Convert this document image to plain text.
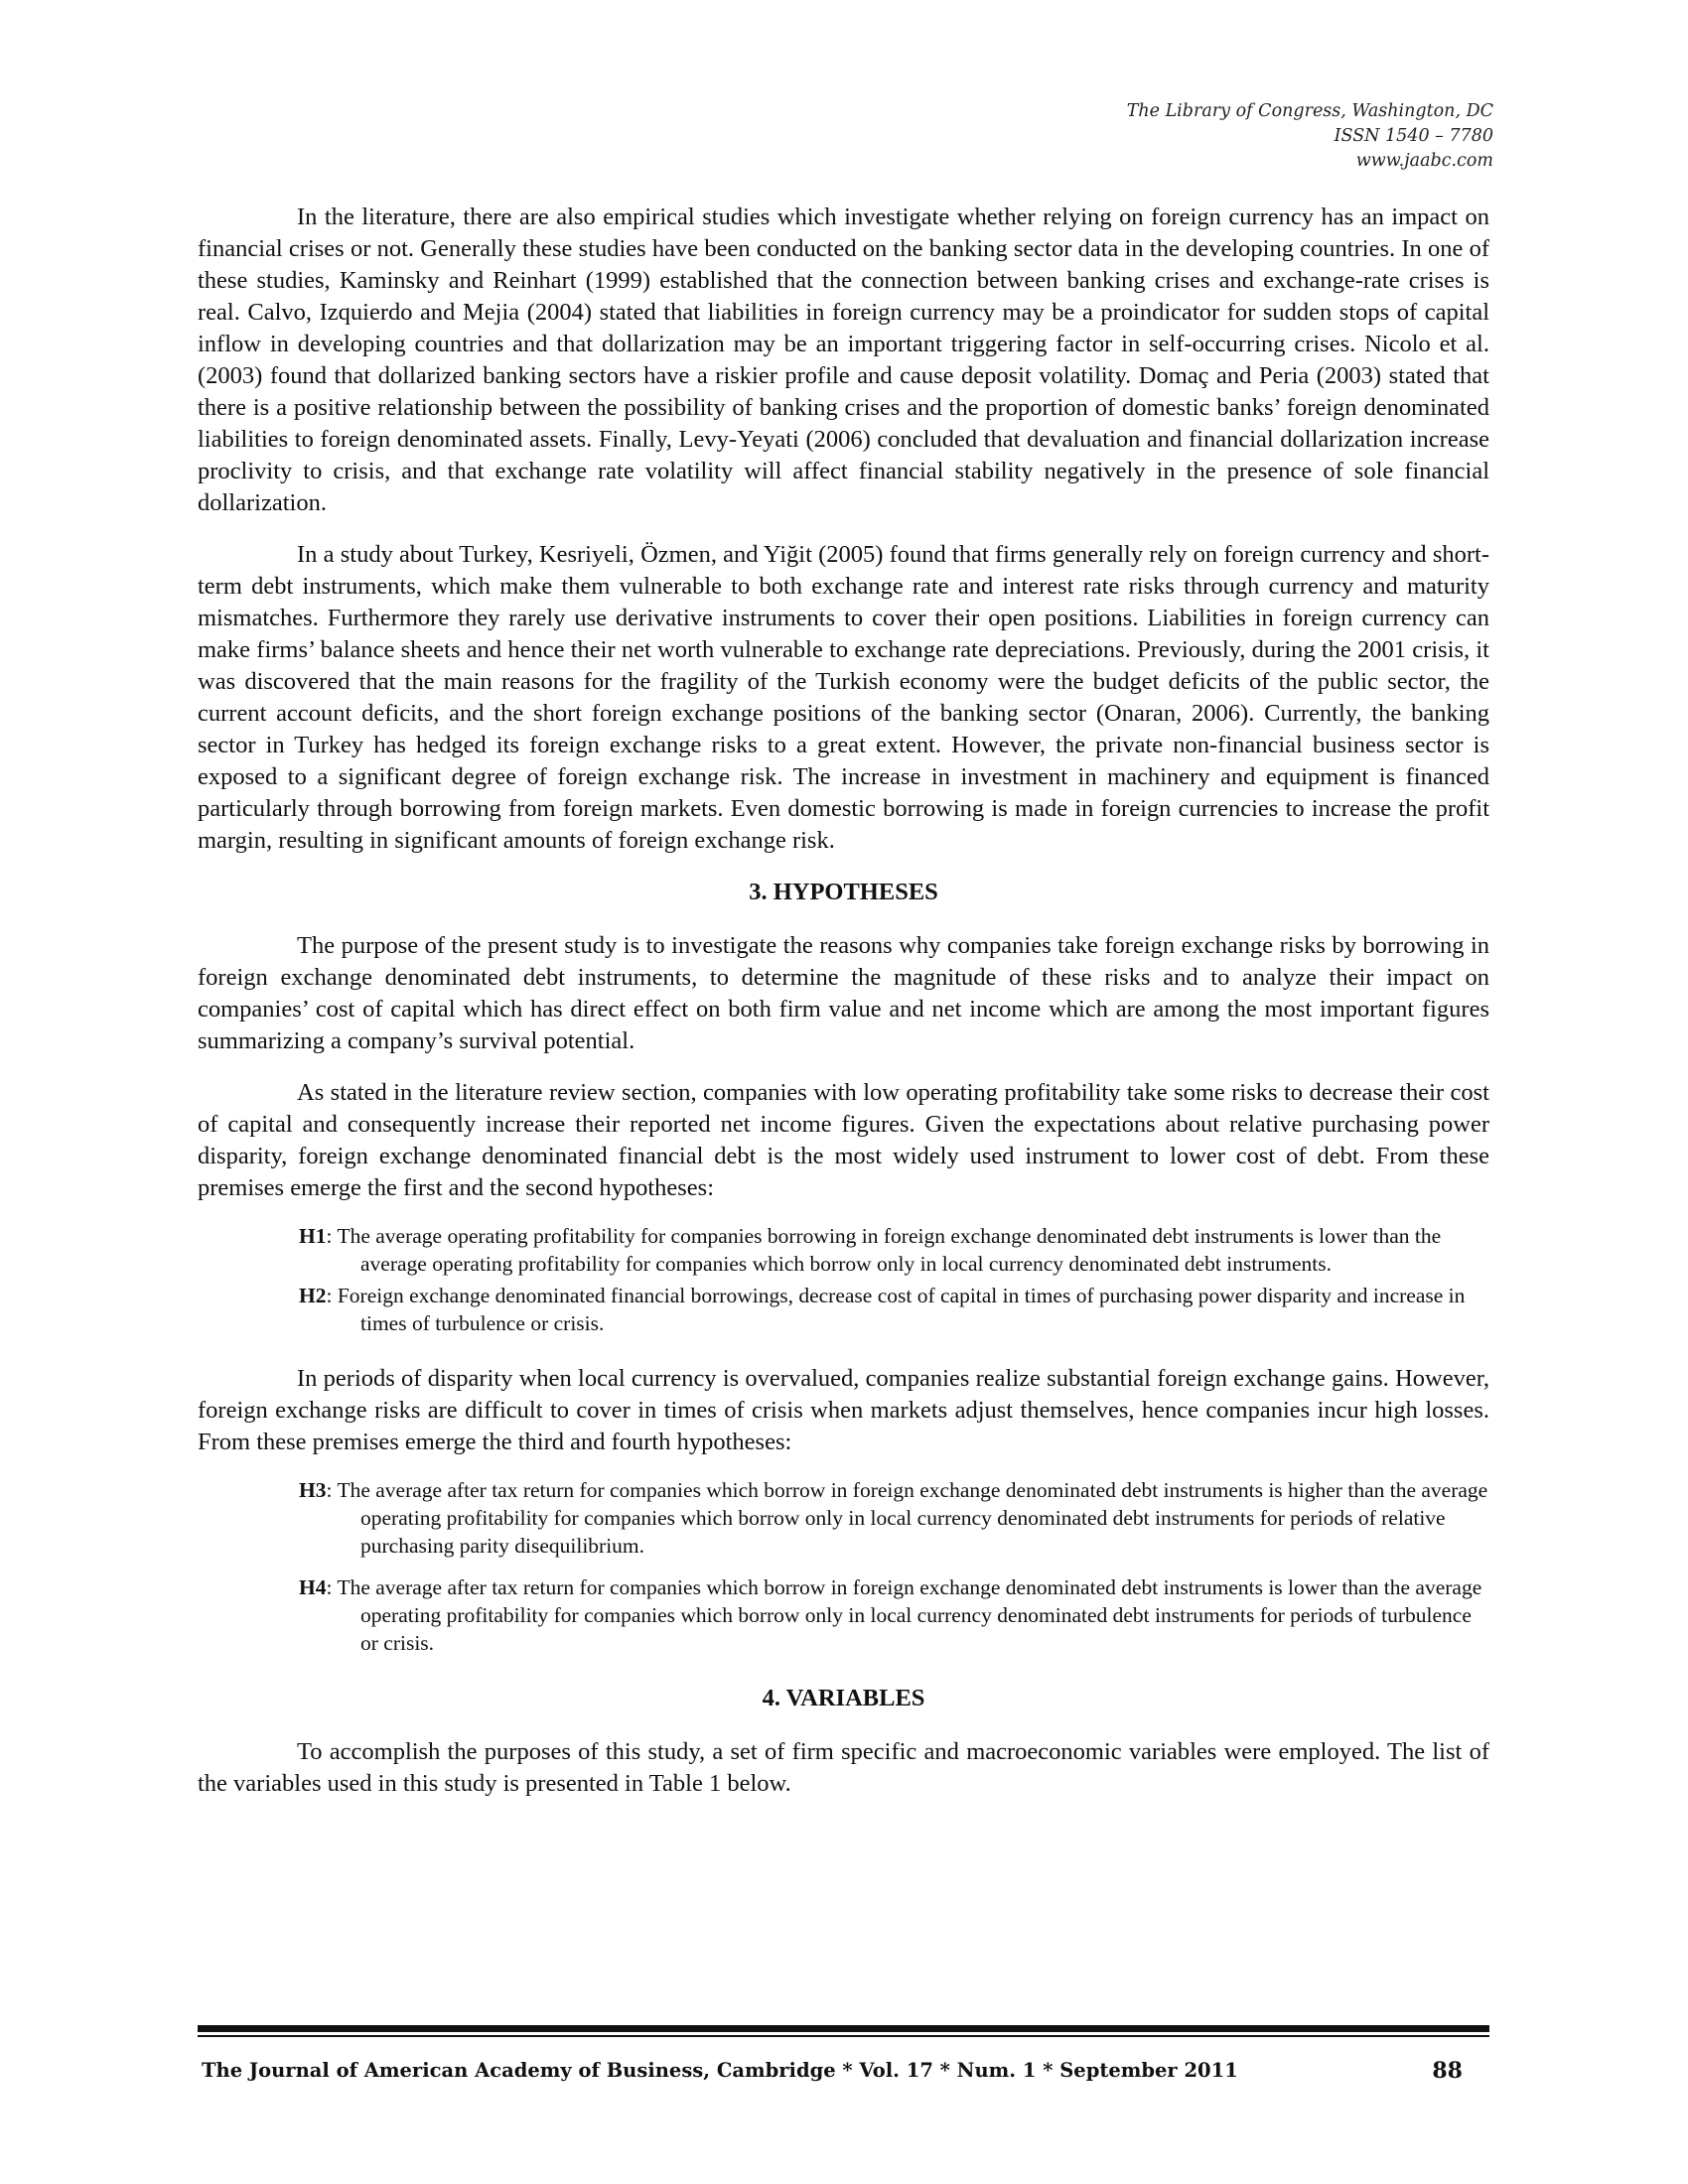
The Library of Congress, Washington, DC
ISSN 1540 – 7780
www.jaabc.com

In the literature, there are also empirical studies which investigate whether relying on foreign currency has an impact on financial crises or not. Generally these studies have been conducted on the banking sector data in the developing countries. In one of these studies, Kaminsky and Reinhart (1999) established that the connection between banking crises and exchange-rate crises is real. Calvo, Izquierdo and Mejia (2004) stated that liabilities in foreign currency may be a proindicator for sudden stops of capital inflow in developing countries and that dollarization may be an important triggering factor in self-occurring crises. Nicolo et al. (2003) found that dollarized banking sectors have a riskier profile and cause deposit volatility. Domaç and Peria (2003) stated that there is a positive relationship between the possibility of banking crises and the proportion of domestic banks’ foreign denominated liabilities to foreign denominated assets. Finally, Levy-Yeyati (2006) concluded that devaluation and financial dollarization increase proclivity to crisis, and that exchange rate volatility will affect financial stability negatively in the presence of sole financial dollarization.

In a study about Turkey, Kesriyeli, Özmen, and Yiğit (2005) found that firms generally rely on foreign currency and short-term debt instruments, which make them vulnerable to both exchange rate and interest rate risks through currency and maturity mismatches. Furthermore they rarely use derivative instruments to cover their open positions. Liabilities in foreign currency can make firms’ balance sheets and hence their net worth vulnerable to exchange rate depreciations. Previously, during the 2001 crisis, it was discovered that the main reasons for the fragility of the Turkish economy were the budget deficits of the public sector, the current account deficits, and the short foreign exchange positions of the banking sector (Onaran, 2006). Currently, the banking sector in Turkey has hedged its foreign exchange risks to a great extent. However, the private non-financial business sector is exposed to a significant degree of foreign exchange risk. The increase in investment in machinery and equipment is financed particularly through borrowing from foreign markets. Even domestic borrowing is made in foreign currencies to increase the profit margin, resulting in significant amounts of foreign exchange risk.

3. HYPOTHESES

The purpose of the present study is to investigate the reasons why companies take foreign exchange risks by borrowing in foreign exchange denominated debt instruments, to determine the magnitude of these risks and to analyze their impact on companies’ cost of capital which has direct effect on both firm value and net income which are among the most important figures summarizing a company’s survival potential.

As stated in the literature review section, companies with low operating profitability take some risks to decrease their cost of capital and consequently increase their reported net income figures. Given the expectations about relative purchasing power disparity, foreign exchange denominated financial debt is the most widely used instrument to lower cost of debt. From these premises emerge the first and the second hypotheses:

H1: The average operating profitability for companies borrowing in foreign exchange denominated debt instruments is lower than the average operating profitability for companies which borrow only in local currency denominated debt instruments.
H2: Foreign exchange denominated financial borrowings, decrease cost of capital in times of purchasing power disparity and increase in times of turbulence or crisis.

In periods of disparity when local currency is overvalued, companies realize substantial foreign exchange gains. However, foreign exchange risks are difficult to cover in times of crisis when markets adjust themselves, hence companies incur high losses. From these premises emerge the third and fourth hypotheses:

H3: The average after tax return for companies which borrow in foreign exchange denominated debt instruments is higher than the average operating profitability for companies which borrow only in local currency denominated debt instruments for periods of relative purchasing parity disequilibrium.
H4: The average after tax return for companies which borrow in foreign exchange denominated debt instruments is lower than the average operating profitability for companies which borrow only in local currency denominated debt instruments for periods of turbulence or crisis.
4. VARIABLES

To accomplish the purposes of this study, a set of firm specific and macroeconomic variables were employed. The list of the variables used in this study is presented in Table 1 below.

The Journal of American Academy of Business, Cambridge * Vol. 17 * Num. 1 * September 2011	88
